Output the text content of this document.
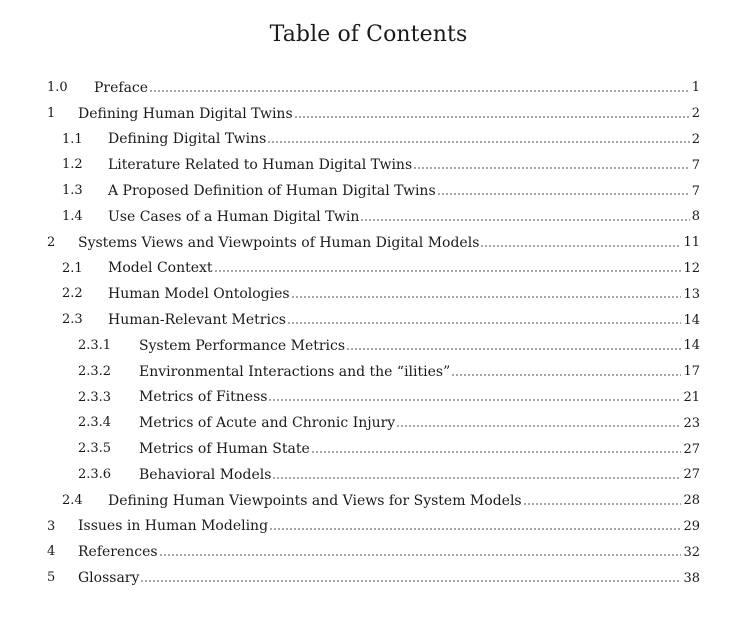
Table of Contents
1.0 Preface	1
1 Defining Human Digital Twins	2
1.1 Defining Digital Twins	2
1.2 Literature Related to Human Digital Twins	7
1.3 A Proposed Definition of Human Digital Twins	7
1.4 Use Cases of a Human Digital Twin	8
2 Systems Views and Viewpoints of Human Digital Models	11
2.1 Model Context	12
2.2 Human Model Ontologies	13
2.3 Human-Relevant Metrics	14
2.3.1 System Performance Metrics	14
2.3.2 Environmental Interactions and the “ilities”	17
2.3.3 Metrics of Fitness	21
2.3.4 Metrics of Acute and Chronic Injury	23
2.3.5 Metrics of Human State	27
2.3.6 Behavioral Models	27
2.4 Defining Human Viewpoints and Views for System Models	28
3 Issues in Human Modeling	29
4 References	32
5 Glossary	38
